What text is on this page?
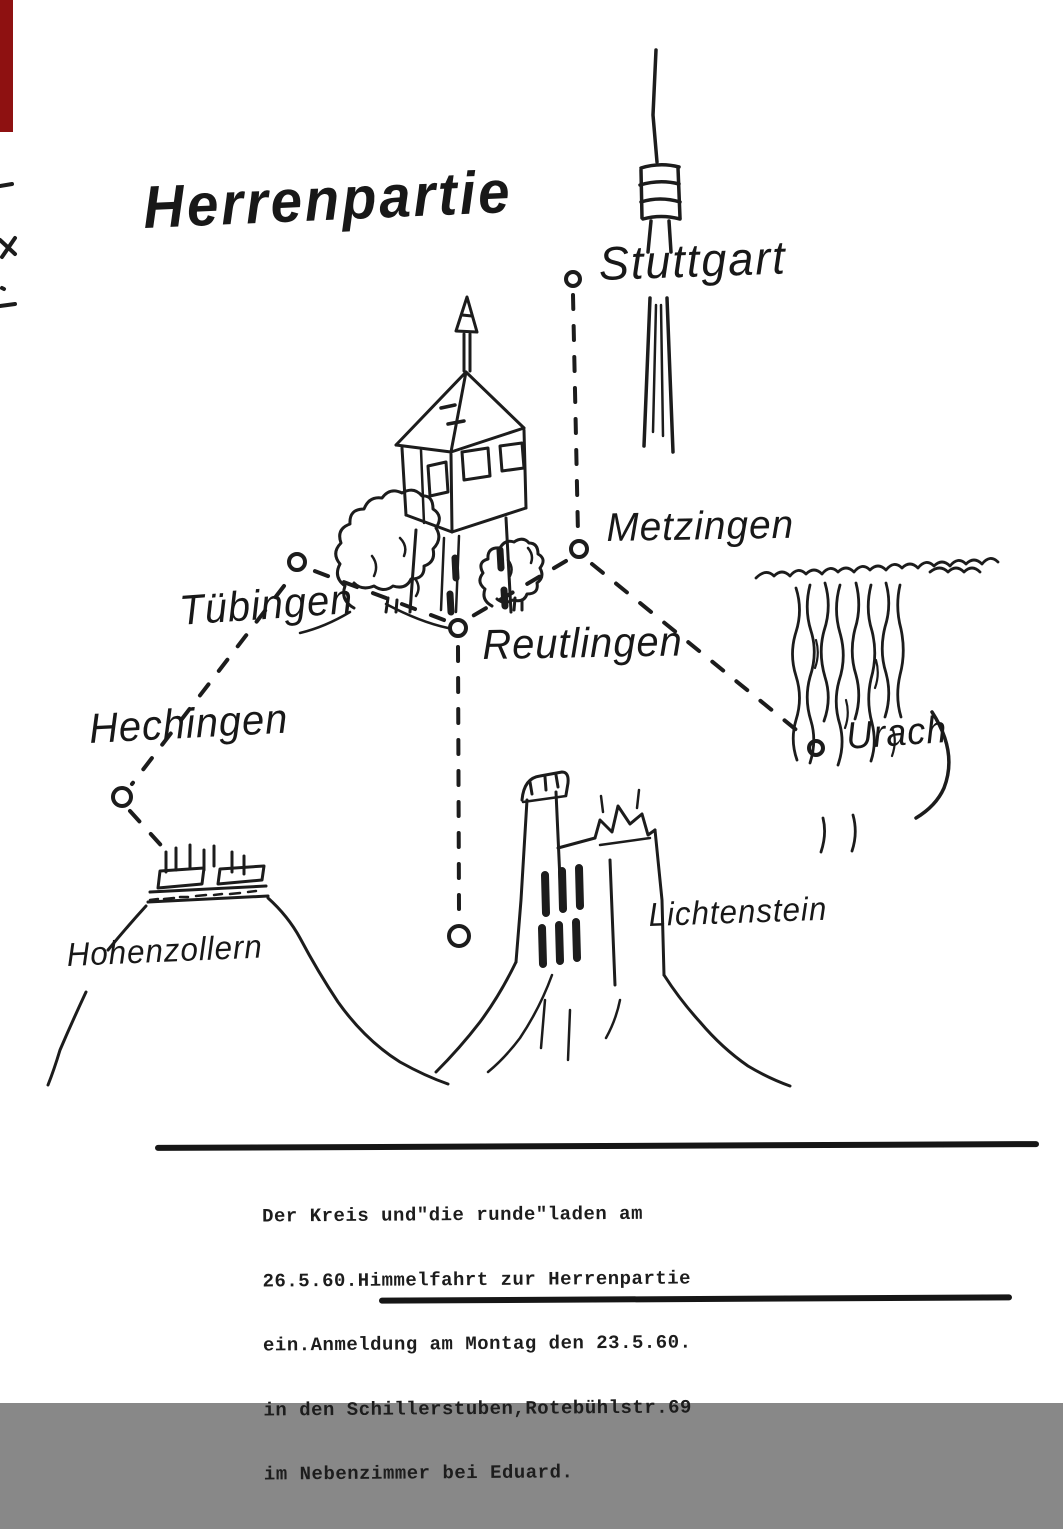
Herrenpartie
Stuttgart
Metzingen
Tübingen
Reutlingen
Hechingen	Urach
Hohenzollern
Lichtenstein

Der Kreis und"die runde"laden am

26.5.60.Himmelfahrt zur Herrenpartie

ein.Anmeldung am Montag den 23.5.60.

in den Schillerstuben,Rotebühlstr.69

im Nebenzimmer bei Eduard.
